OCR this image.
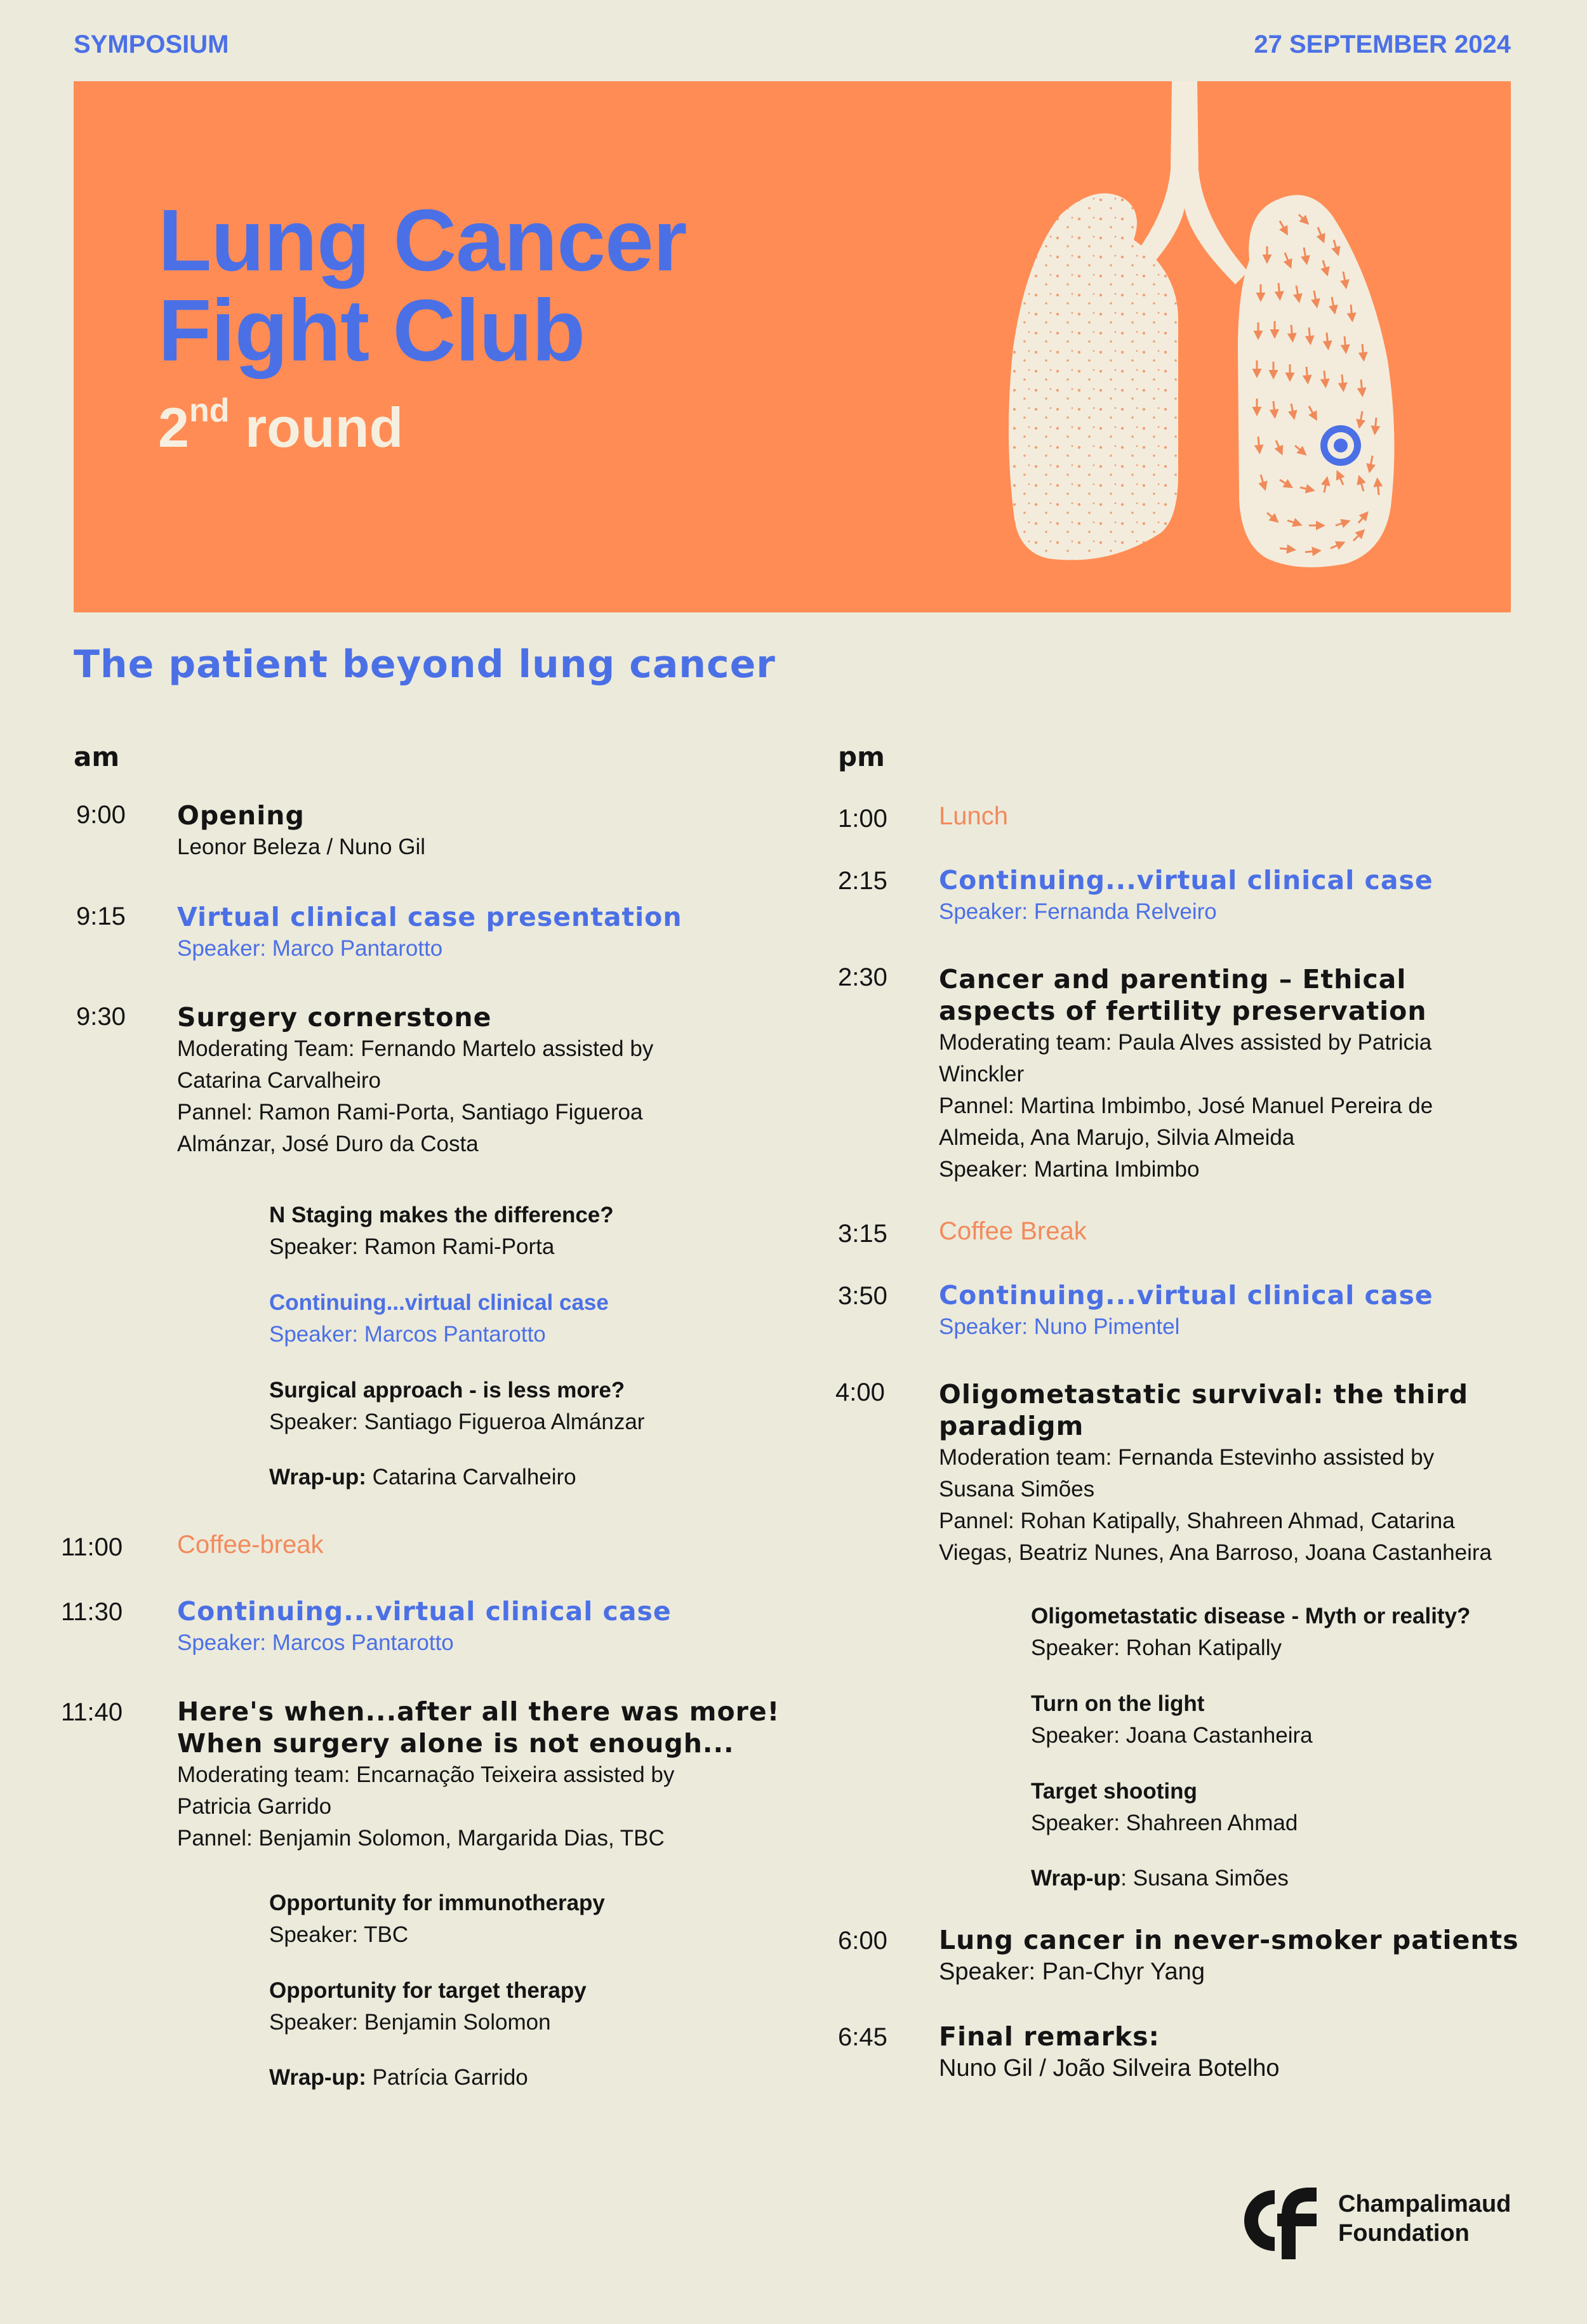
SYMPOSIUM	27 SEPTEMBER 2024
Lung Cancer
Fight Club
2nd round
The patient beyond lung cancer
am
9:00	Opening
Leonor Beleza / Nuno Gil
9:15	Virtual clinical case presentation
Speaker: Marco Pantarotto
9:30	Surgery cornerstone
Moderating Team: Fernando Martelo assisted by
Catarina Carvalheiro
Pannel: Ramon Rami-Porta, Santiago Figueroa
Almánzar, José Duro da Costa
N Staging makes the difference?
Speaker: Ramon Rami-Porta
Continuing...virtual clinical case
Speaker: Marcos Pantarotto
Surgical approach - is less more?
Speaker: Santiago Figueroa Almánzar
Wrap-up: Catarina Carvalheiro
11:00	Coffee-break
11:30	Continuing...virtual clinical case
Speaker: Marcos Pantarotto
11:40	Here's when...after all there was more!
When surgery alone is not enough...
Moderating team: Encarnação Teixeira assisted by
Patricia Garrido
Pannel: Benjamin Solomon, Margarida Dias, TBC
Opportunity for immunotherapy
Speaker: TBC
Opportunity for target therapy
Speaker: Benjamin Solomon
Wrap-up: Patrícia Garrido
pm
1:00	Lunch
2:15	Continuing...virtual clinical case
Speaker: Fernanda Relveiro
2:30	Cancer and parenting – Ethical
aspects of fertility preservation
Moderating team: Paula Alves assisted by Patricia
Winckler
Pannel: Martina Imbimbo, José Manuel Pereira de
Almeida, Ana Marujo, Silvia Almeida
Speaker: Martina Imbimbo
3:15	Coffee Break
3:50	Continuing...virtual clinical case
Speaker: Nuno Pimentel
4:00	Oligometastatic survival: the third
paradigm
Moderation team: Fernanda Estevinho assisted by
Susana Simões
Pannel: Rohan Katipally, Shahreen Ahmad, Catarina
Viegas, Beatriz Nunes, Ana Barroso, Joana Castanheira
Oligometastatic disease - Myth or reality?
Speaker: Rohan Katipally
Turn on the light
Speaker: Joana Castanheira
Target shooting
Speaker: Shahreen Ahmad
Wrap-up: Susana Simões
6:00	Lung cancer in never-smoker patients
Speaker: Pan-Chyr Yang
6:45	Final remarks:
Nuno Gil / João Silveira Botelho
Champalimaud
Foundation
